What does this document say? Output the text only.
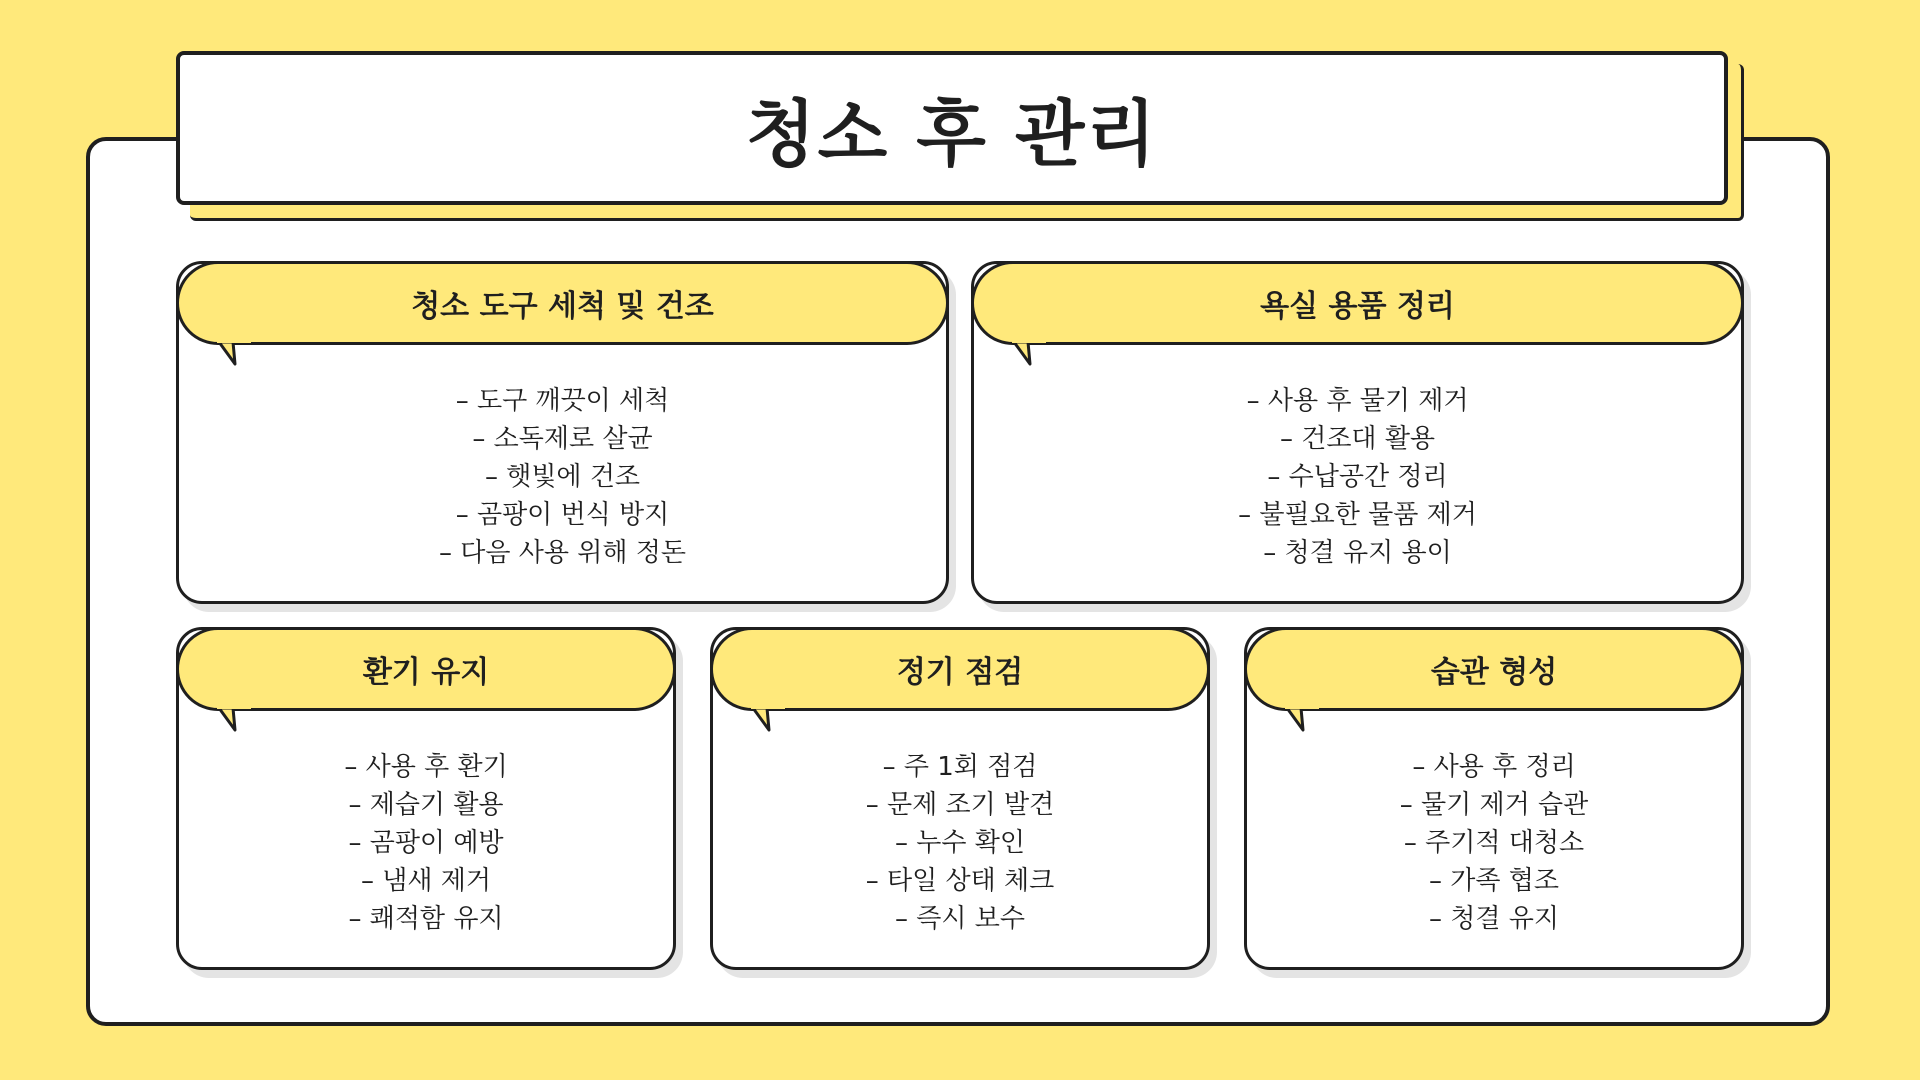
청소 후 관리
청소 도구 세척 및 건조
– 도구 깨끗이 세척
– 소독제로 살균
– 햇빛에 건조
– 곰팡이 번식 방지
– 다음 사용 위해 정돈
욕실 용품 정리
– 사용 후 물기 제거
– 건조대 활용
– 수납공간 정리
– 불필요한 물품 제거
– 청결 유지 용이
환기 유지
– 사용 후 환기
– 제습기 활용
– 곰팡이 예방
– 냄새 제거
– 쾌적함 유지
정기 점검
– 주 1회 점검
– 문제 조기 발견
– 누수 확인
– 타일 상태 체크
– 즉시 보수
습관 형성
– 사용 후 정리
– 물기 제거 습관
– 주기적 대청소
– 가족 협조
– 청결 유지
